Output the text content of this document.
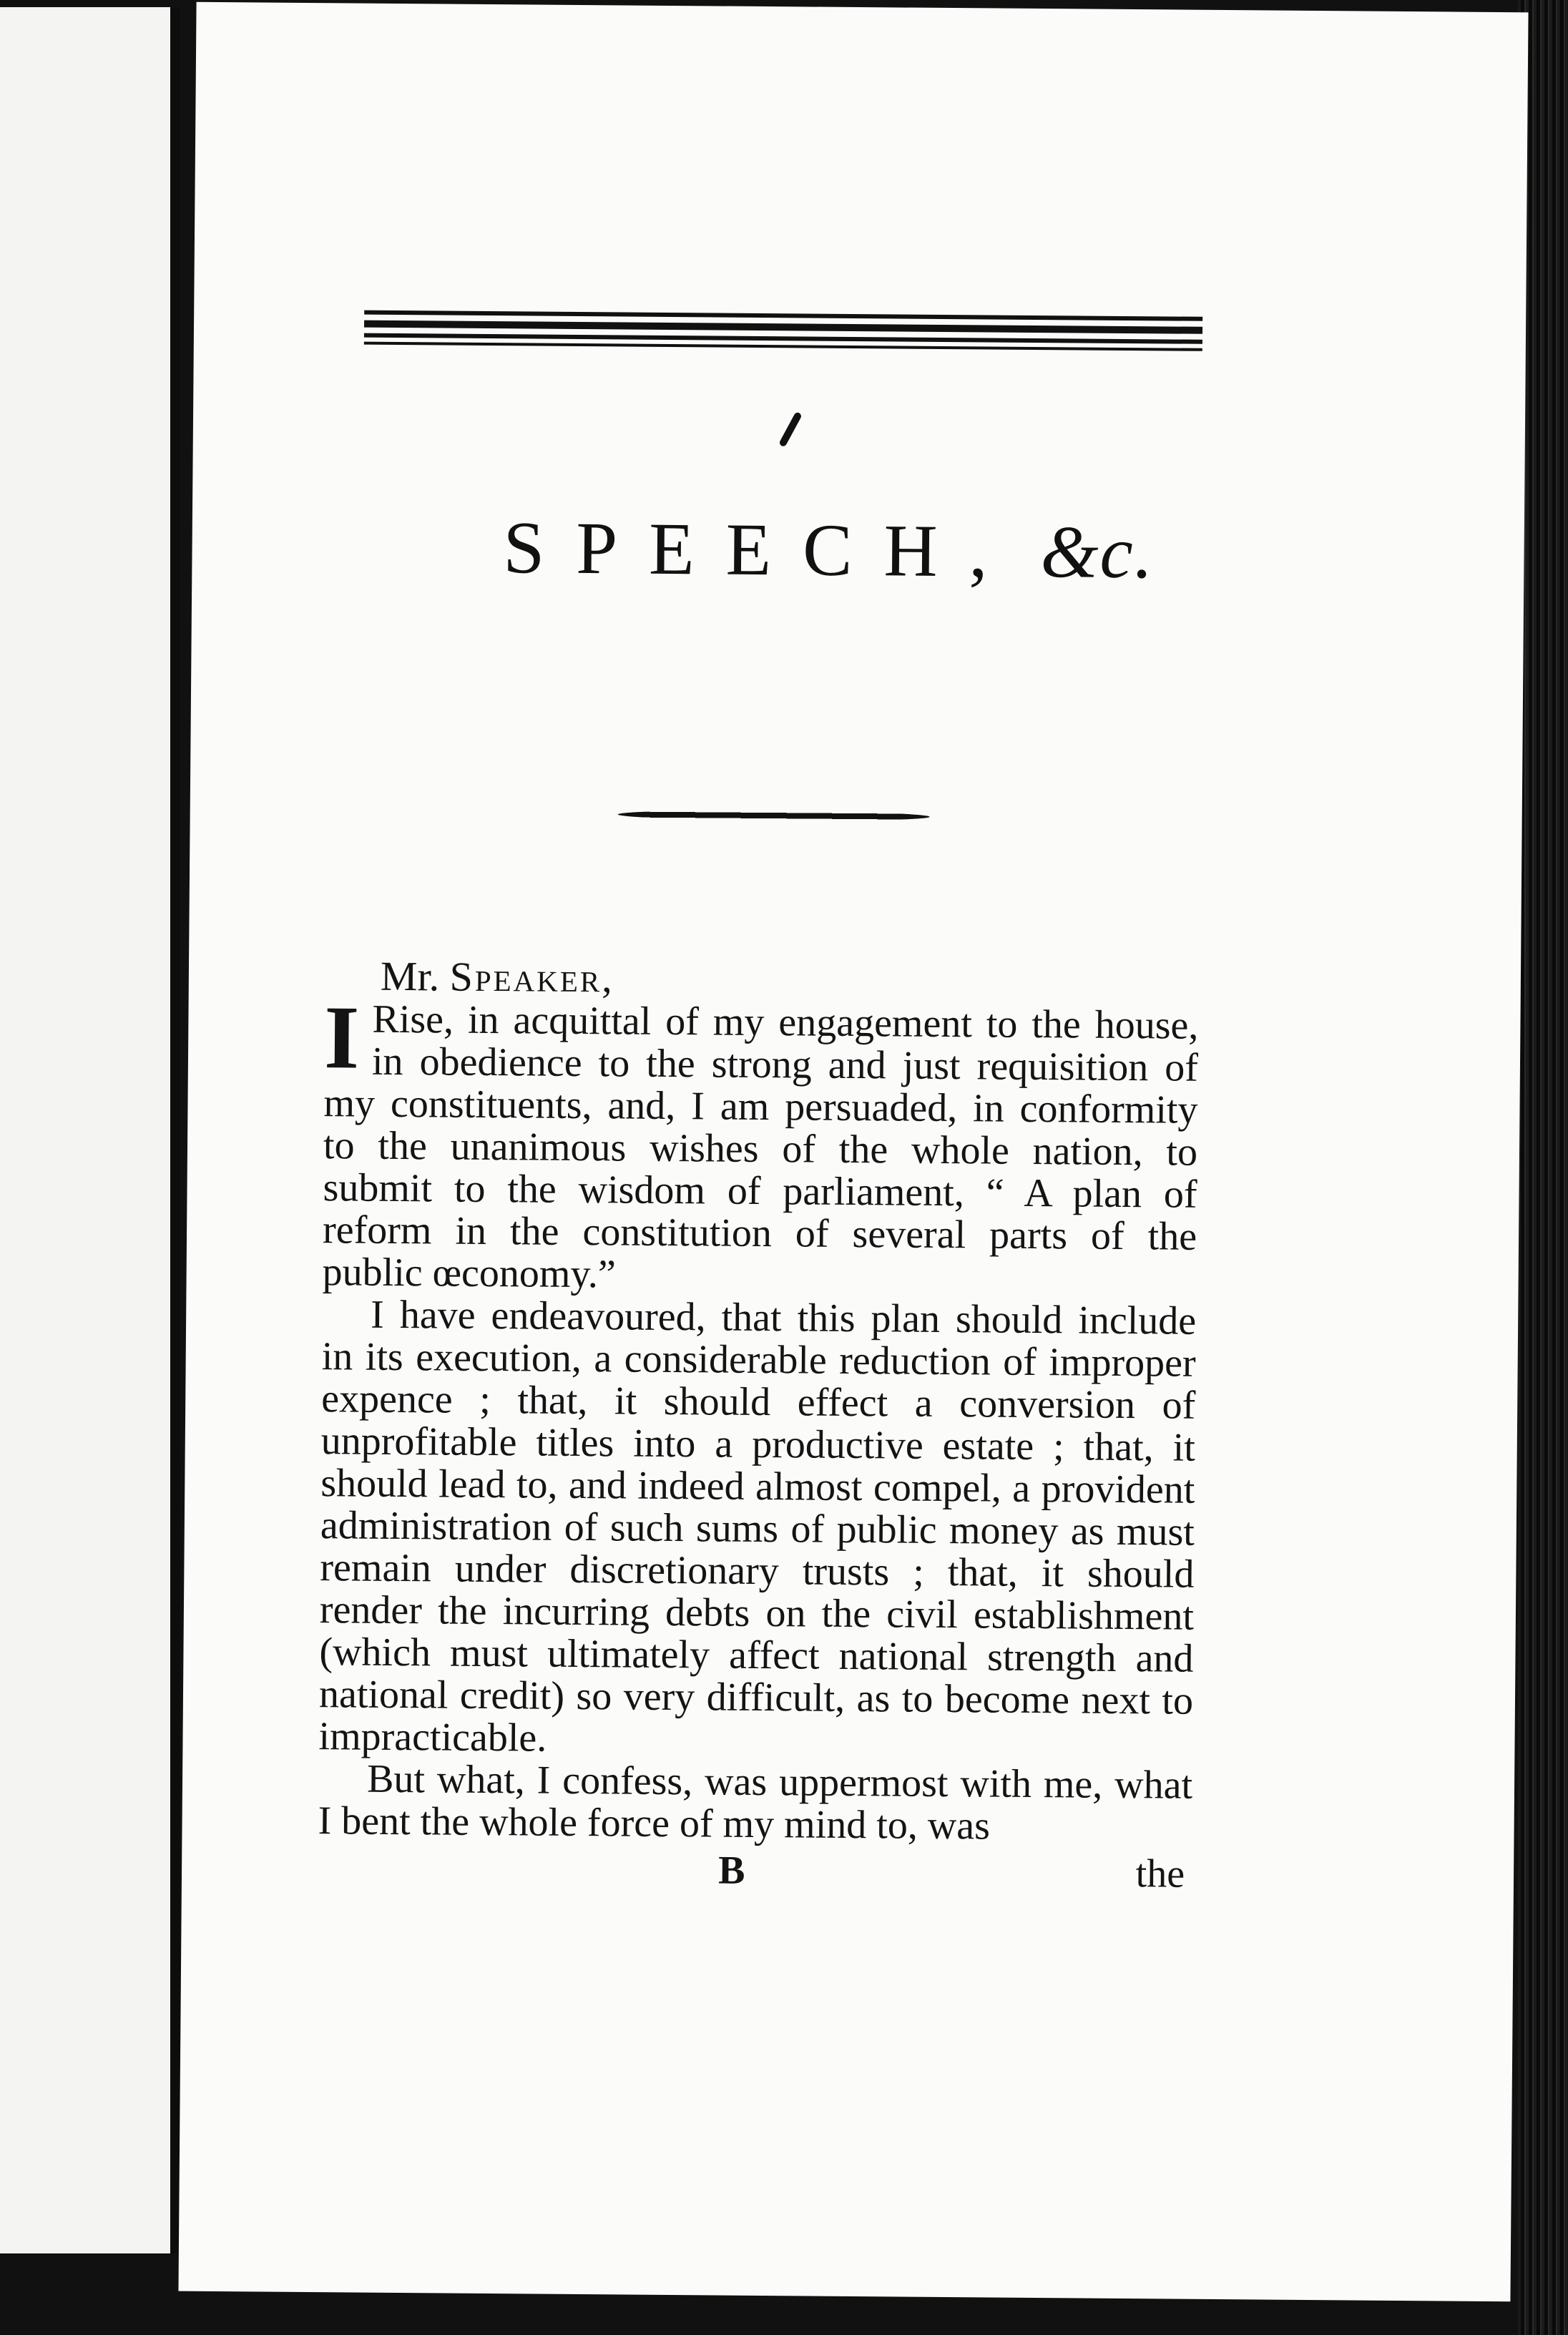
SPEECH, &c.

Mr. Speaker,

I Rise, in acquittal of my engagement to the house, in obedience to the strong and just requisition of my constituents, and, I am persuaded, in conformity to the unanimous wishes of the whole nation, to submit to the wisdom of parliament, “ A plan of reform in the constitution of several parts of the public œconomy.”

I have endeavoured, that this plan should include in its execution, a considerable reduction of improper expence ; that, it should effect a conversion of unprofitable titles into a productive estate ; that, it should lead to, and indeed almost compel, a provident administration of such sums of public money as must remain under discretionary trusts ; that, it should render the incurring debts on the civil establishment (which must ultimately affect national strength and national credit) so very difficult, as to become next to impracticable.

But what, I confess, was uppermost with me, what I bent the whole force of my mind to, was

B	the
